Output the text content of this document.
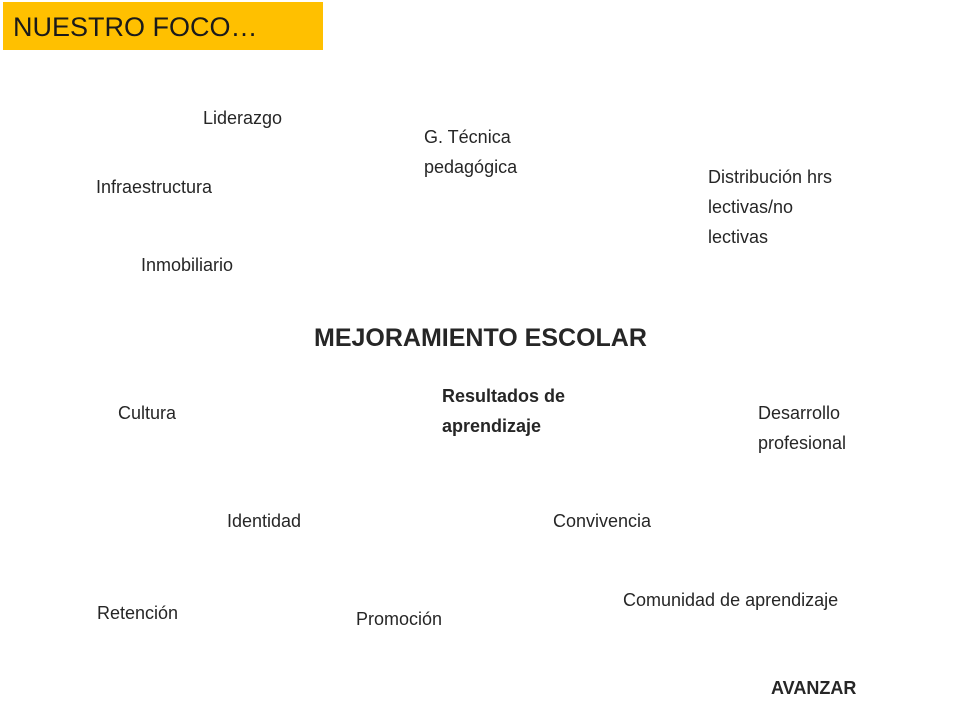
NUESTRO FOCO…
Liderazgo
G. Técnica
pedagógica
Infraestructura	Distribución hrs
lectivas/no
lectivas
Inmobiliario
MEJORAMIENTO ESCOLAR
Cultura
Resultados de
aprendizaje
Desarrollo
profesional
Identidad	Convivencia
Comunidad de aprendizaje
Retención	Promoción
AVANZAR
